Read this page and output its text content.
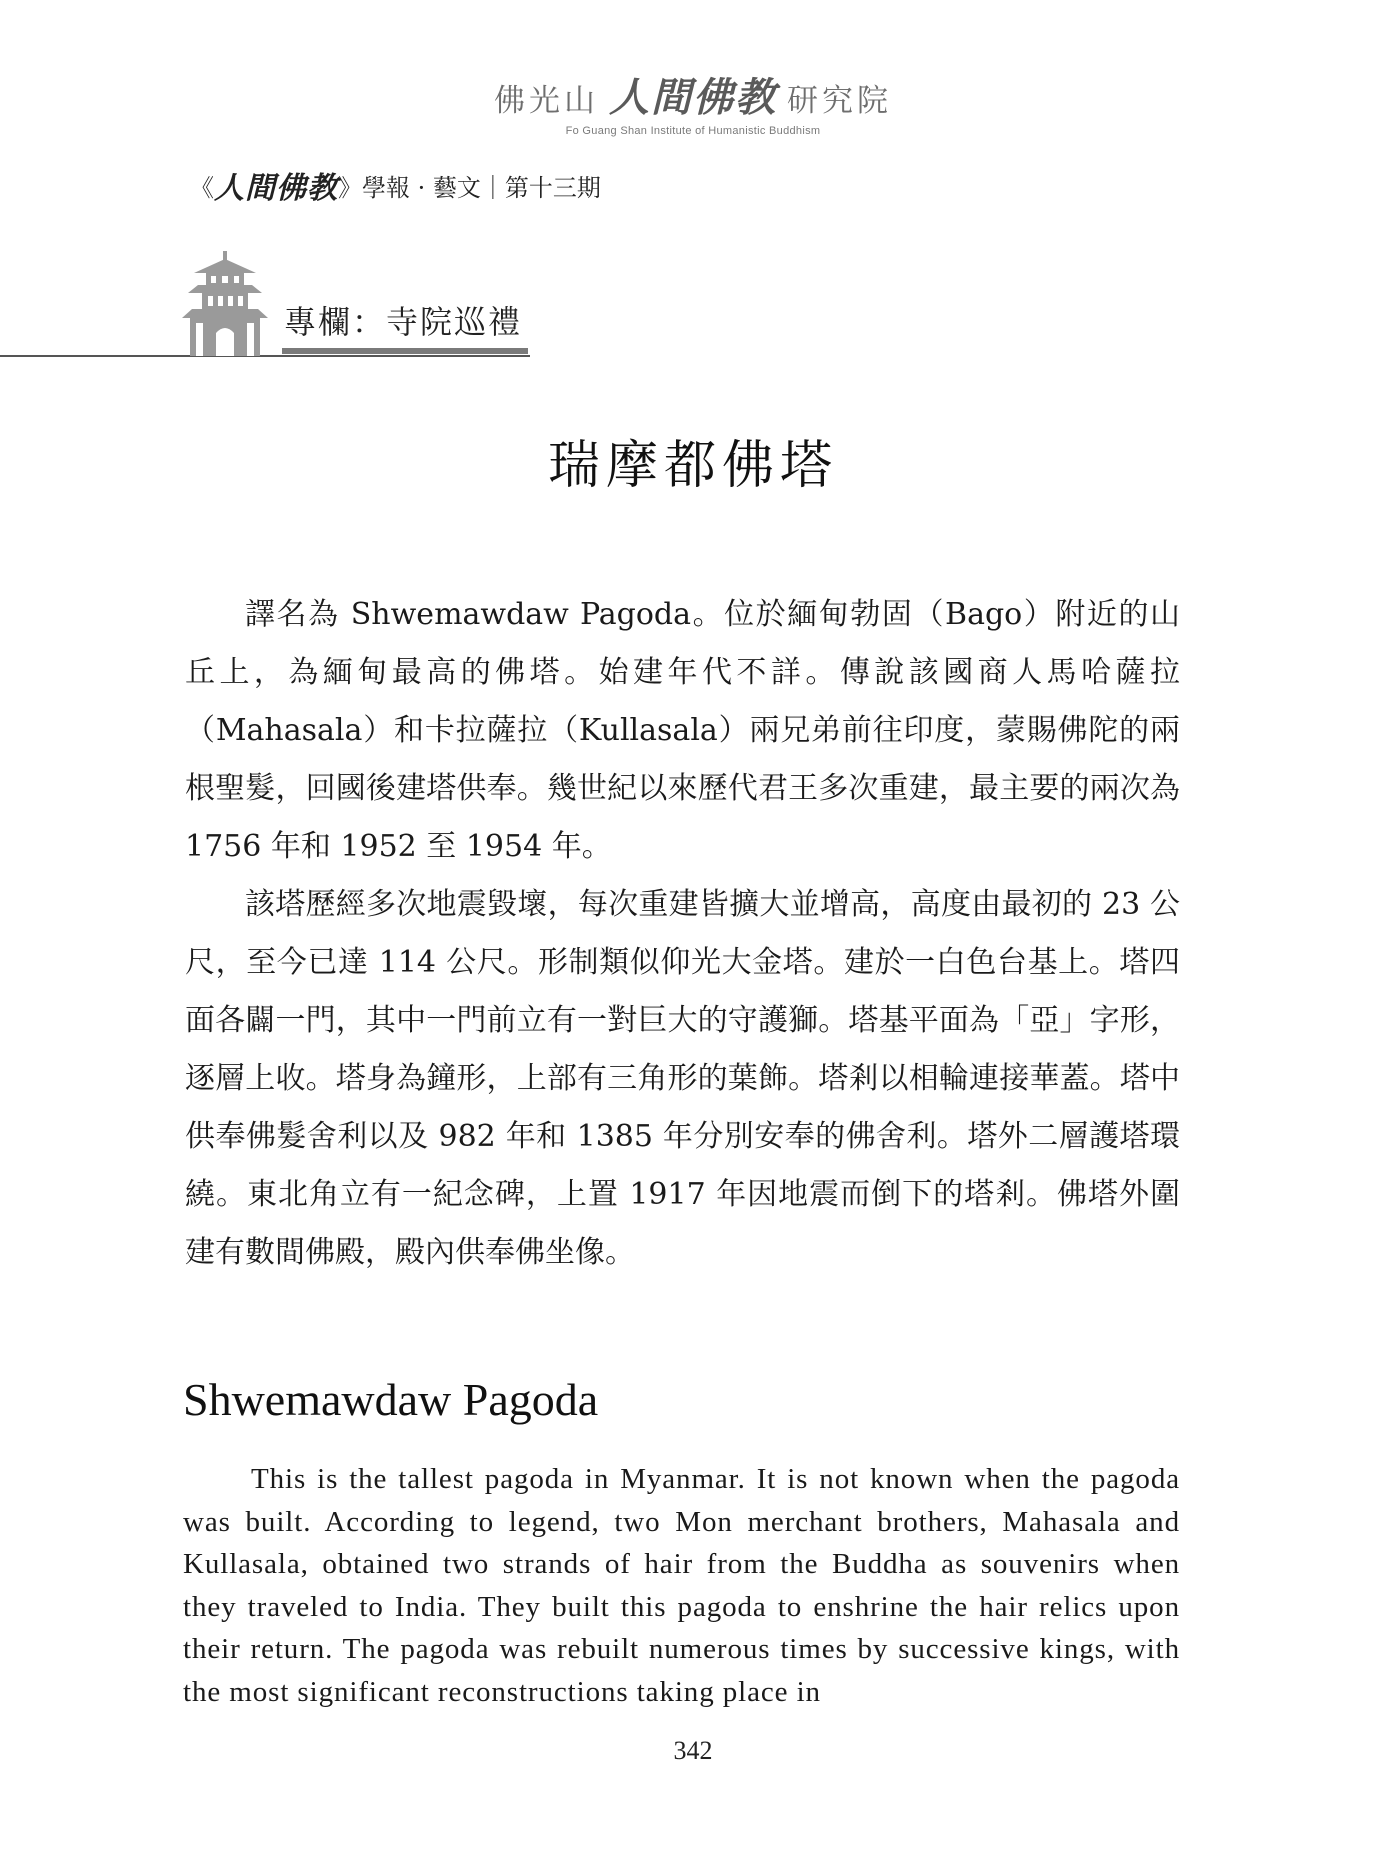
佛光山 人間佛教 研究院
Fo Guang Shan Institute of Humanistic Buddhism
《 人間佛教 》 學報 · 藝文｜第十三期
專欄：寺院巡禮
瑞摩都佛塔

譯名為 Shwemawdaw Pagoda。位於緬甸勃固（Bago）附近的山丘上，為緬甸最高的佛塔。始建年代不詳。傳說該國商人馬哈薩拉（Mahasala）和卡拉薩拉（Kullasala）兩兄弟前往印度，蒙賜佛陀的兩根聖髮，回國後建塔供奉。幾世紀以來歷代君王多次重建，最主要的兩次為 1756 年和 1952 至 1954 年。

該塔歷經多次地震毀壞，每次重建皆擴大並增高，高度由最初的 23 公尺，至今已達 114 公尺。形制類似仰光大金塔。建於一白色台基上。塔四面各闢一門，其中一門前立有一對巨大的守護獅。塔基平面為「亞」字形，逐層上收。塔身為鐘形，上部有三角形的葉飾。塔剎以相輪連接華蓋。塔中供奉佛髮舍利以及 982 年和 1385 年分別安奉的佛舍利。塔外二層護塔環繞。東北角立有一紀念碑，上置 1917 年因地震而倒下的塔剎。佛塔外圍建有數間佛殿，殿內供奉佛坐像。

Shwemawdaw Pagoda

This is the tallest pagoda in Myanmar. It is not known when the pagoda was built. According to legend, two Mon merchant brothers, Mahasala and Kullasala, obtained two strands of hair from the Buddha as souvenirs when they traveled to India. They built this pagoda to enshrine the hair relics upon their return. The pagoda was rebuilt numerous times by successive kings, with the most significant reconstructions taking place in

342
